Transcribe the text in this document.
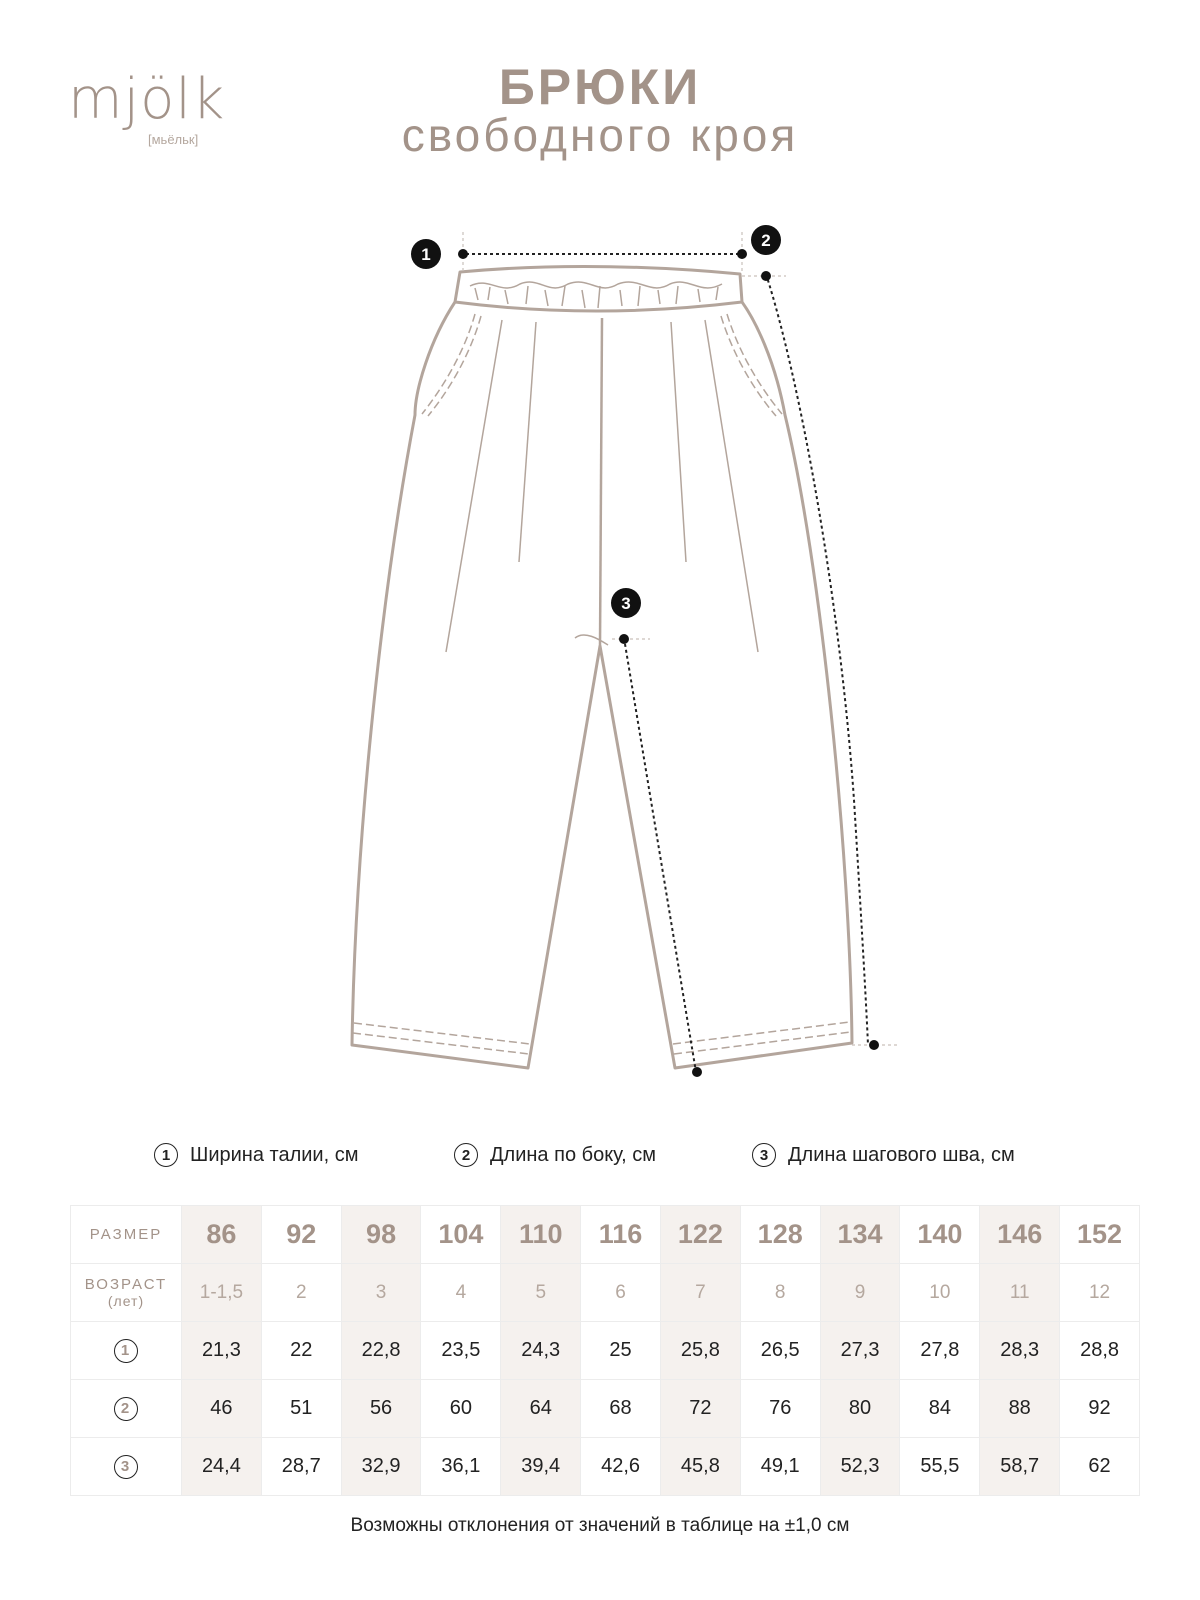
mjölk
[мьёльк]
БРЮКИ
свободного кроя
1
2
3
1 Ширина талии, см	2 Длина по боку, см	3 Длина шагового шва, см
РАЗМЕР	86	92	98	104	110	116	122	128	134	140	146	152
ВОЗРАСТ
(лет)	1-1,5	2	3	4	5	6	7	8	9	10	11	12
1	21,3	22	22,8	23,5	24,3	25	25,8	26,5	27,3	27,8	28,3	28,8
2	46	51	56	60	64	68	72	76	80	84	88	92
3	24,4	28,7	32,9	36,1	39,4	42,6	45,8	49,1	52,3	55,5	58,7	62
Возможны отклонения от значений в таблице на ±1,0 см
